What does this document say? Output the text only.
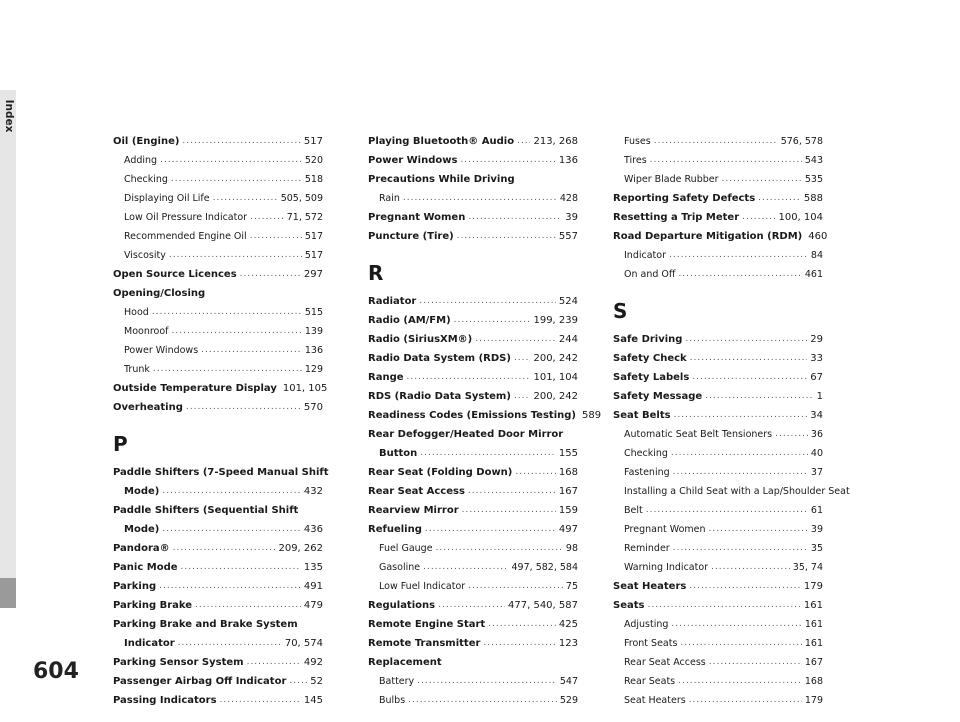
Index
Oil (Engine) .....	517
Adding .....	520
Checking .....	518
Displaying Oil Life .....	505, 509
Low Oil Pressure Indicator .....	71, 572
Recommended Engine Oil .....	517
Viscosity .....	517
Open Source Licences .....	297
Opening/Closing
Hood .....	515
Moonroof .....	139
Power Windows .....	136
Trunk .....	129
Outside Temperature Display 101, 105
Overheating .....	570
P
Paddle Shifters (7-Speed Manual Shift
Mode) .....	432
Paddle Shifters (Sequential Shift
Mode) .....	436
Pandora® .....	209, 262
Panic Mode .....	135
Parking .....	491
Parking Brake .....	479
Parking Brake and Brake System
Indicator .....	70, 574
Parking Sensor System .....	492
Passenger Airbag Off Indicator ..... 52
Passing Indicators .....	145
Playing Bluetooth® Audio ..... 213, 268
Power Windows .....	136
Precautions While Driving
Rain .....	428
Pregnant Women .....	39
Puncture (Tire) .....	557
R
Radiator .....	524
Radio (AM/FM) .....	199, 239
Radio (SiriusXM®) .....	244
Radio Data System (RDS) ..... 200, 242
Range .....	101, 104
RDS (Radio Data System) ..... 200, 242
Readiness Codes (Emissions Testing) 589
Rear Defogger/Heated Door Mirror
Button .....	155
Rear Seat (Folding Down) .....	168
Rear Seat Access .....	167
Rearview Mirror .....	159
Refueling .....	497
Fuel Gauge .....	98
Gasoline .....	497, 582, 584
Low Fuel Indicator .....	75
Regulations .....	477, 540, 587
Remote Engine Start .....	425
Remote Transmitter .....	123
Replacement
Battery .....	547
Bulbs .....	529
Fuses .....	576, 578
Tires .....	543
Wiper Blade Rubber .....	535
Reporting Safety Defects .....	588
Resetting a Trip Meter .....	100, 104
Road Departure Mitigation (RDM) 460
Indicator .....	84
On and Off .....	461
S
Safe Driving .....	29
Safety Check .....	33
Safety Labels .....	67
Safety Message .....	1
Seat Belts .....	34
Automatic Seat Belt Tensioners .....	36
Checking .....	40
Fastening .....	37
Installing a Child Seat with a Lap/Shoulder Seat
Belt .....	61
Pregnant Women .....	39
Reminder .....	35
Warning Indicator .....	35, 74
Seat Heaters .....	179
Seats .....	161
Adjusting .....	161
Front Seats .....	161
Rear Seat Access .....	167
Rear Seats .....	168
Seat Heaters .....	179
604
